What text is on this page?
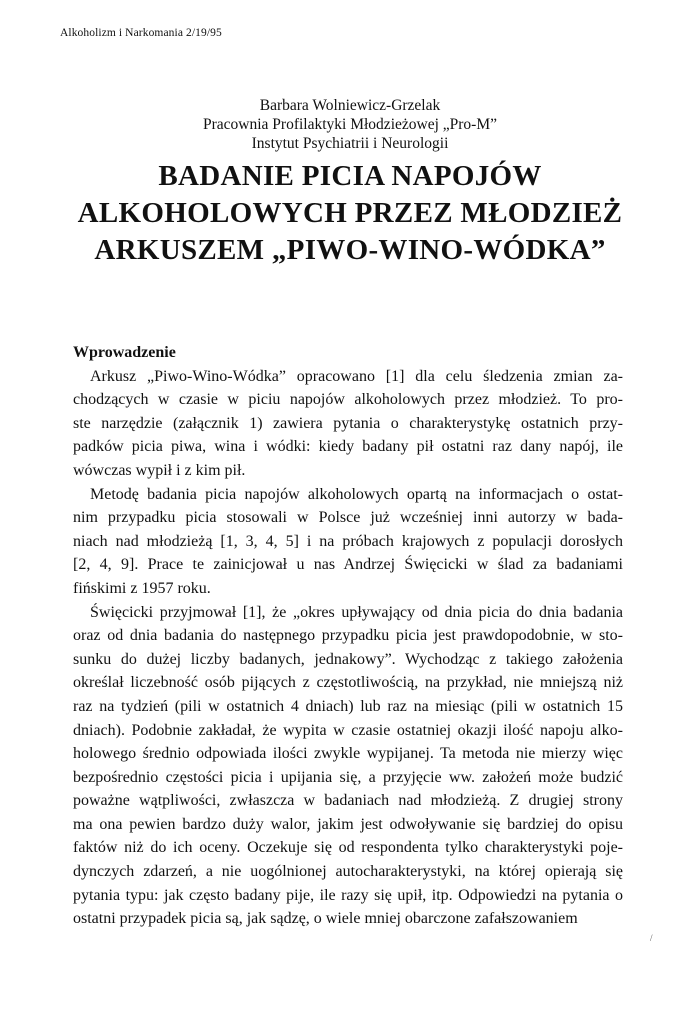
Alkoholizm i Narkomania 2/19/95
Barbara Wolniewicz-Grzelak
Pracownia Profilaktyki Młodzieżowej „Pro-M”
Instytut Psychiatrii i Neurologii
BADANIE PICIA NAPOJÓW
ALKOHOLOWYCH PRZEZ MŁODZIEŻ
ARKUSZEM „PIWO-WINO-WÓDKA”
Wprowadzenie
Arkusz „Piwo-Wino-Wódka” opracowano [1] dla celu śledzenia zmian za-
chodzących w czasie w piciu napojów alkoholowych przez młodzież. To pro-
ste narzędzie (załącznik 1) zawiera pytania o charakterystykę ostatnich przy-
padków picia piwa, wina i wódki: kiedy badany pił ostatni raz dany napój, ile
wówczas wypił i z kim pił.
Metodę badania picia napojów alkoholowych opartą na informacjach o ostat-
nim przypadku picia stosowali w Polsce już wcześniej inni autorzy w bada-
niach nad młodzieżą [1, 3, 4, 5] i na próbach krajowych z populacji dorosłych
[2, 4, 9]. Prace te zainicjował u nas Andrzej Święcicki w ślad za badaniami
fińskimi z 1957 roku.
Święcicki przyjmował [1], że „okres upływający od dnia picia do dnia badania
oraz od dnia badania do następnego przypadku picia jest prawdopodobnie, w sto-
sunku do dużej liczby badanych, jednakowy”. Wychodząc z takiego założenia
określał liczebność osób pijących z częstotliwością, na przykład, nie mniejszą niż
raz na tydzień (pili w ostatnich 4 dniach) lub raz na miesiąc (pili w ostatnich 15
dniach). Podobnie zakładał, że wypita w czasie ostatniej okazji ilość napoju alko-
holowego średnio odpowiada ilości zwykle wypijanej. Ta metoda nie mierzy więc
bezpośrednio częstości picia i upijania się, a przyjęcie ww. założeń może budzić
poważne wątpliwości, zwłaszcza w badaniach nad młodzieżą. Z drugiej strony
ma ona pewien bardzo duży walor, jakim jest odwoływanie się bardziej do opisu
faktów niż do ich oceny. Oczekuje się od respondenta tylko charakterystyki poje-
dynczych zdarzeń, a nie uogólnionej autocharakterystyki, na której opierają się
pytania typu: jak często badany pije, ile razy się upił, itp. Odpowiedzi na pytania o
ostatni przypadek picia są, jak sądzę, o wiele mniej obarczone zafałszowaniem
/
